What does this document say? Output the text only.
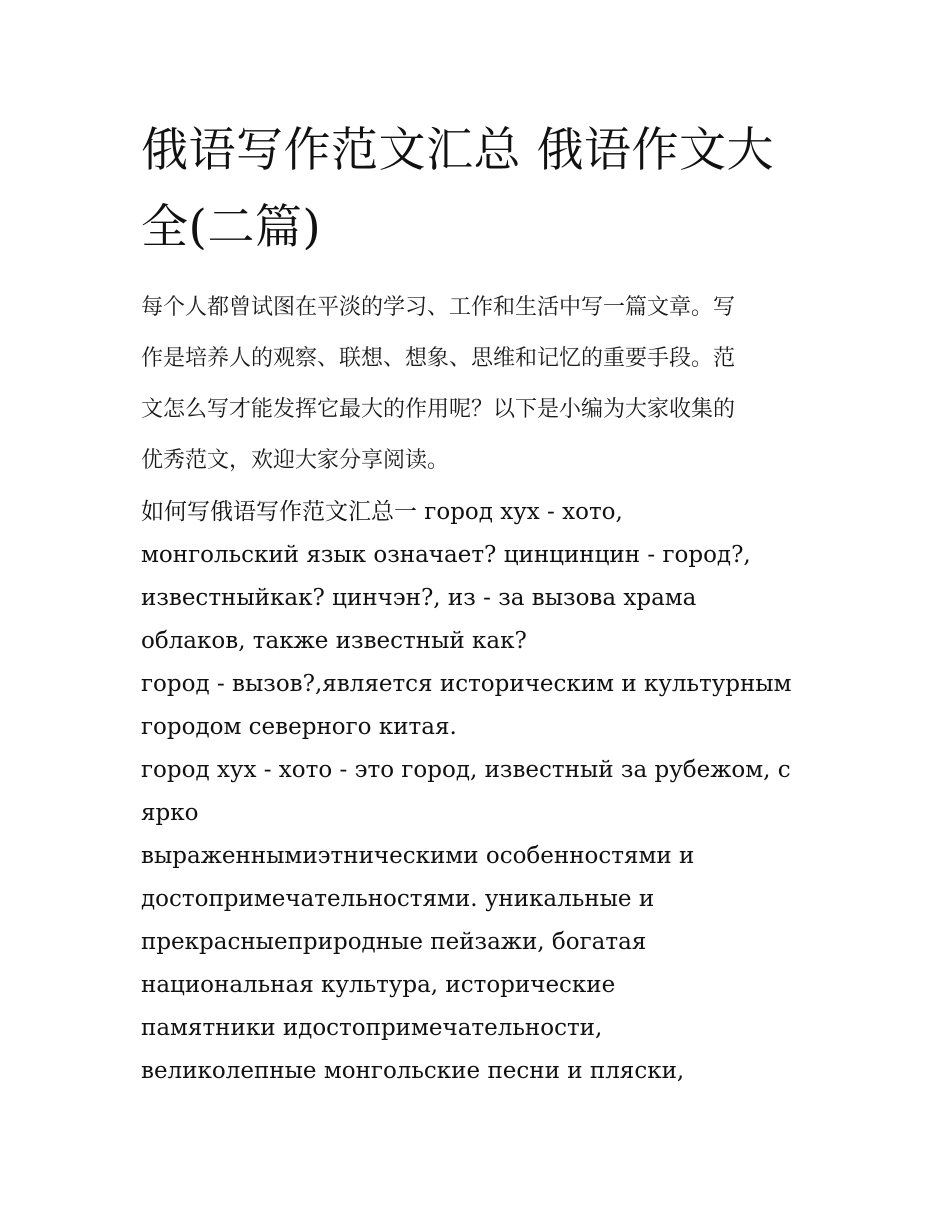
俄语写作范文汇总 俄语作文大
全(二篇)
每个人都曾试图在平淡的学习、工作和生活中写一篇文章。写
作是培养人的观察、联想、想象、思维和记忆的重要手段。范
文怎么写才能发挥它最大的作用呢？以下是小编为大家收集的
优秀范文，欢迎大家分享阅读。
如何写俄语写作范文汇总一 город хух - хото,
монгольский язык означает? цинцинцин - город?,
известныйкак? цинчэн?, из - за вызова храма
облаков, также известный как?
город - вызов?,является историческим и культурным
городом северного китая.
город хух - хото - это город, известный за рубежом, с
ярко
выраженнымиэтническими особенностями и
достопримечательностями. уникальные и
прекрасныеприродные пейзажи, богатая
национальная культура, исторические
памятники идостопримечательности,
великолепные монгольские песни и пляски,
